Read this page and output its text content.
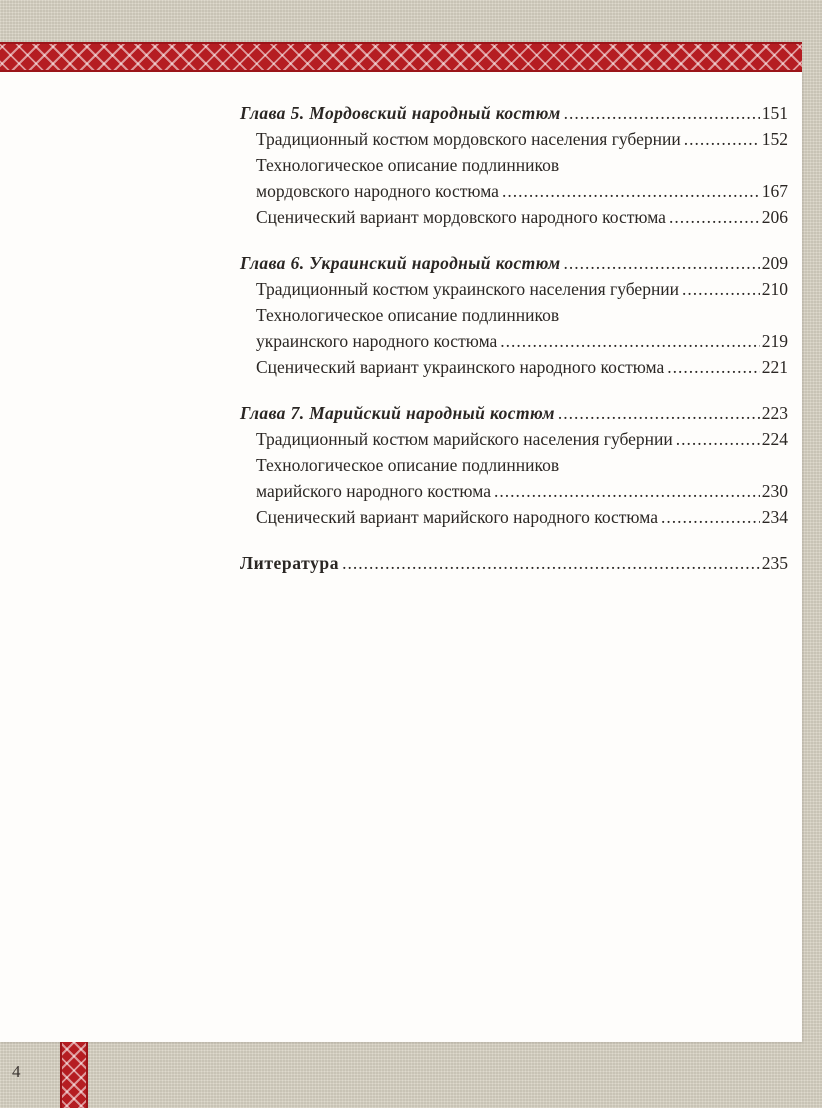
4
Глава 5. Мордовский народный костюм .....	151
Традиционный костюм мордовского населения губернии .....	152
Технологическое описание подлинников
мордовского народного костюма .....	167
Сценический вариант мордовского народного костюма .....	206
Глава 6. Украинский народный костюм .....	209
Традиционный костюм украинского населения губернии .....	210
Технологическое описание подлинников
украинского народного костюма .....	219
Сценический вариант украинского народного костюма .....	221
Глава 7. Марийский народный костюм .....	223
Традиционный костюм марийского населения губернии .....	224
Технологическое описание подлинников
марийского народного костюма .....	230
Сценический вариант марийского народного костюма .....	234
Литература .....	235
